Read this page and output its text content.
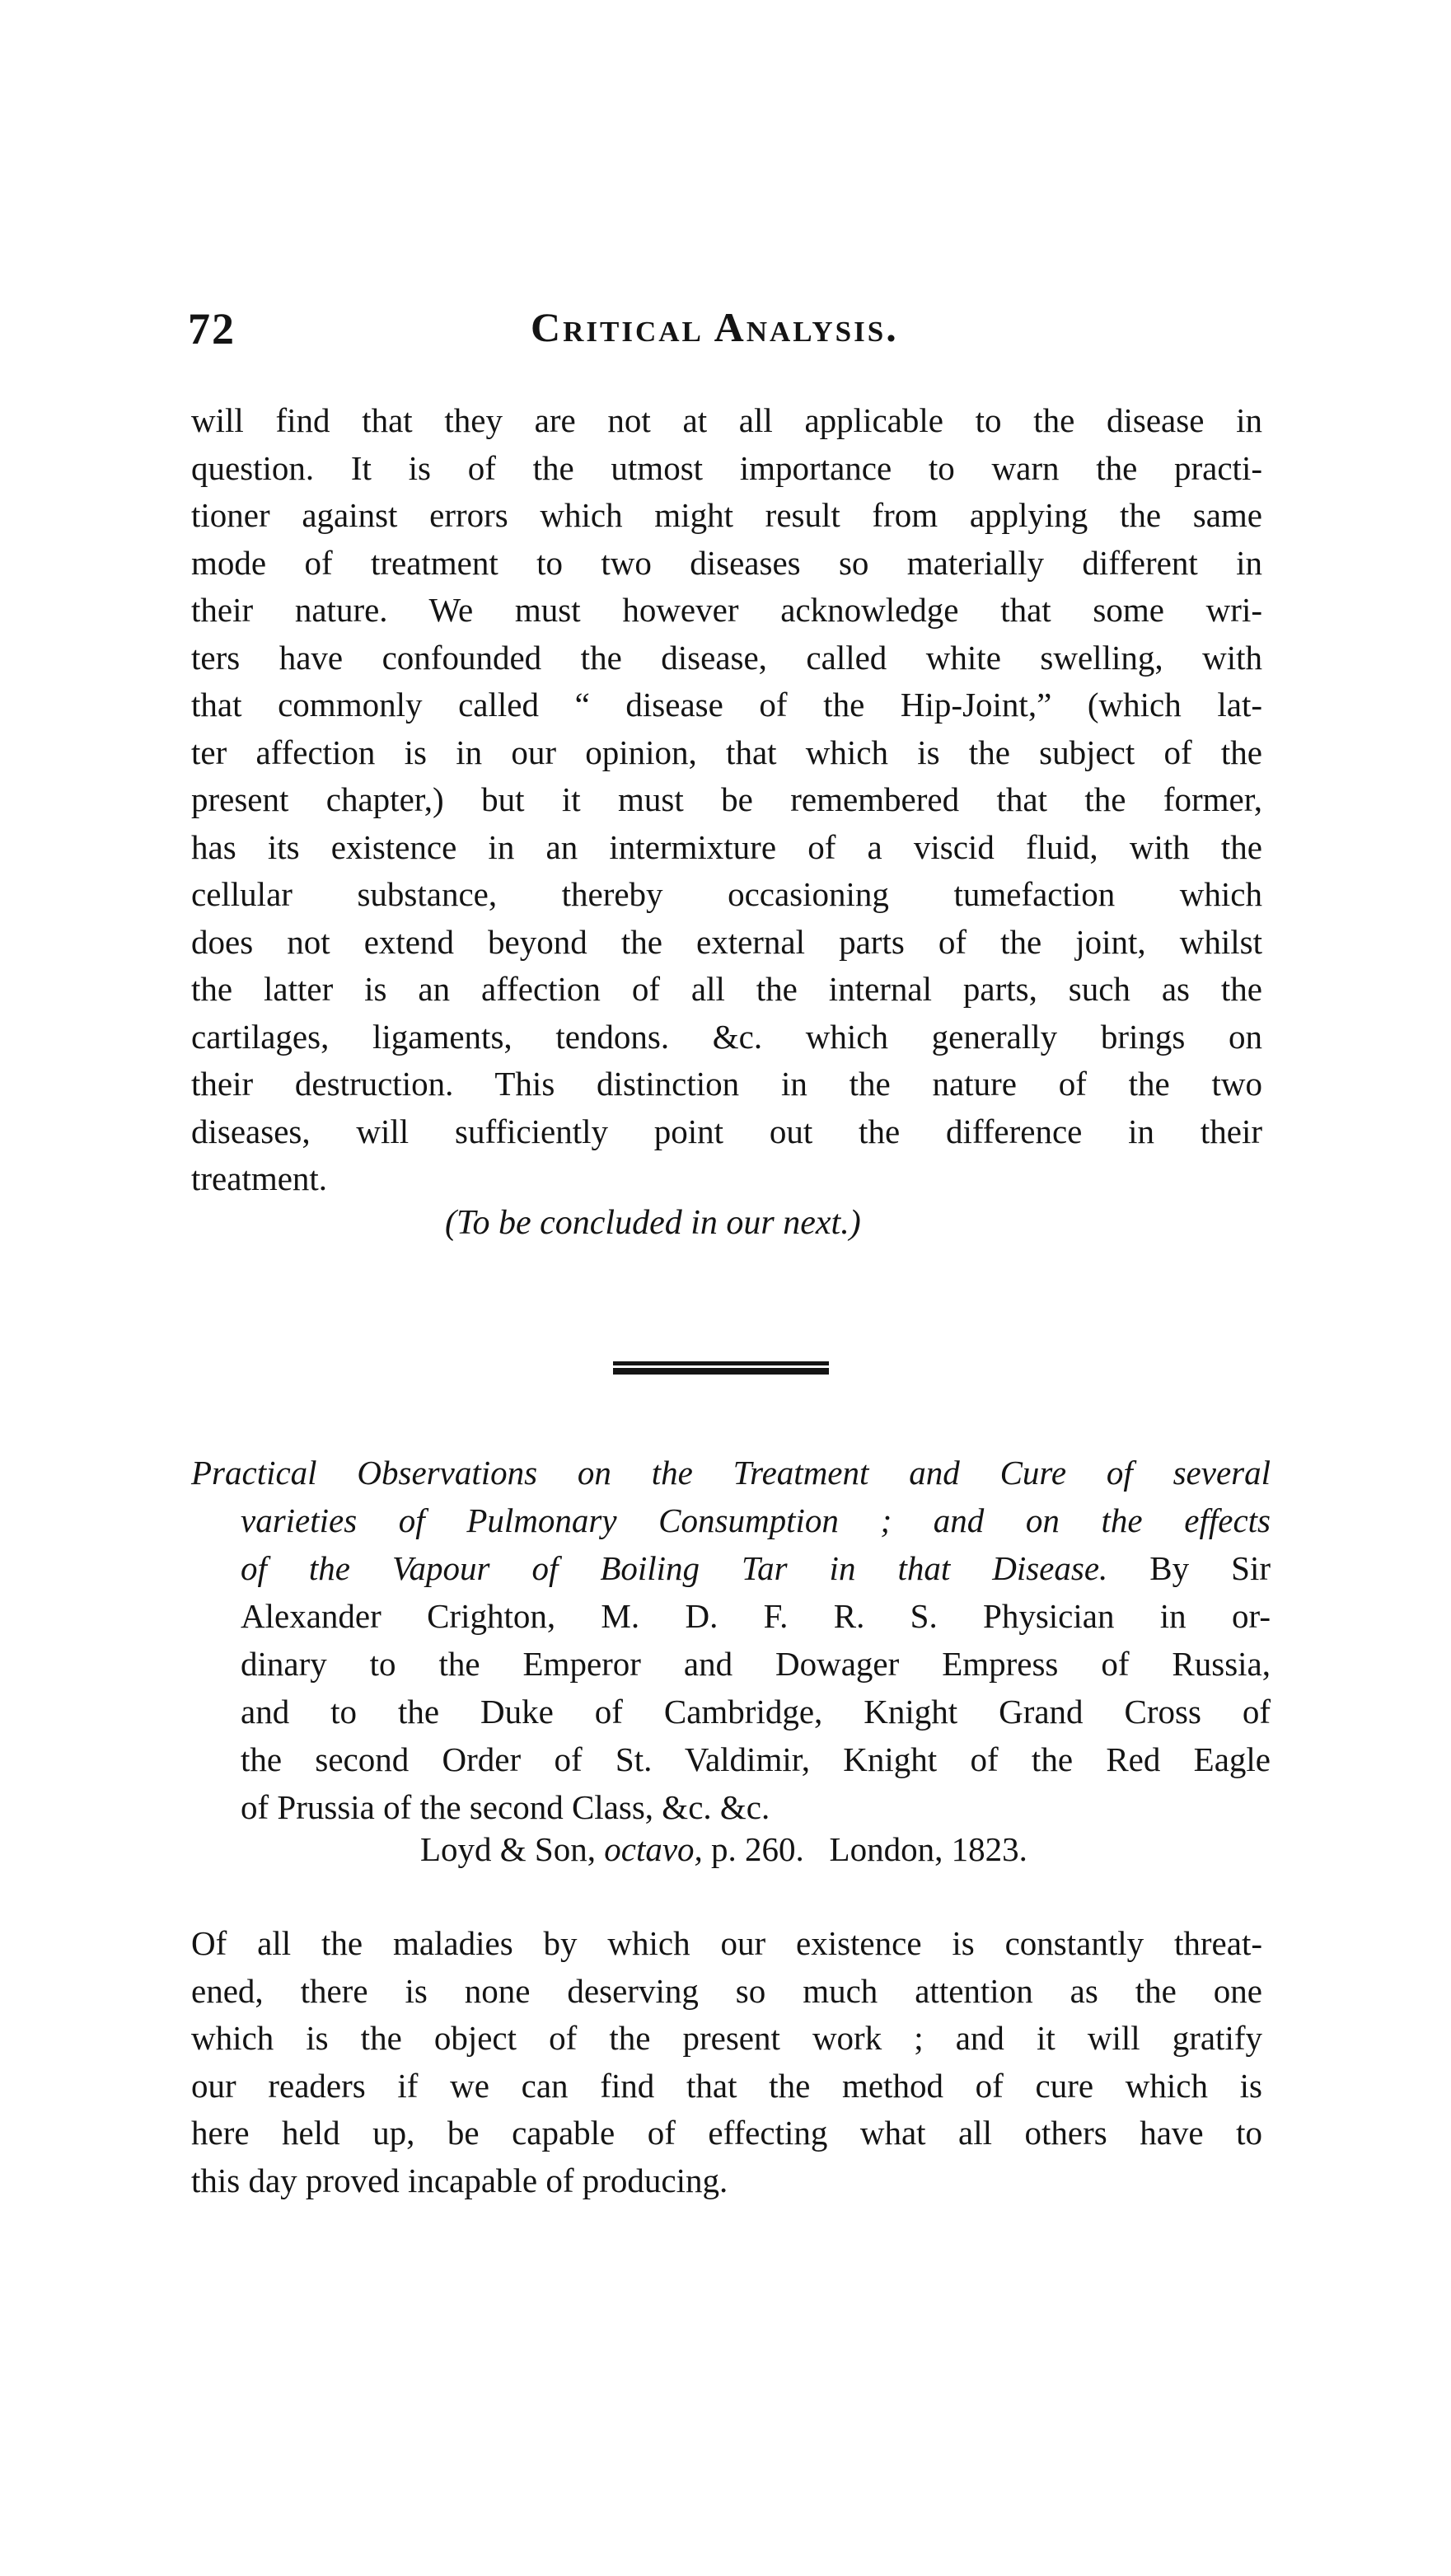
72	Critical Analysis.
will find that they are not at all applicable to the disease in
question. It is of the utmost importance to warn the practi-
tioner against errors which might result from applying the same
mode of treatment to two diseases so materially different in
their nature. We must however acknowledge that some wri-
ters have confounded the disease, called white swelling, with
that commonly called “ disease of the Hip-Joint,” (which lat-
ter affection is in our opinion, that which is the subject of the
present chapter,) but it must be remembered that the former,
has its existence in an intermixture of a viscid fluid, with the
cellular substance, thereby occasioning tumefaction which
does not extend beyond the external parts of the joint, whilst
the latter is an affection of all the internal parts, such as the
cartilages, ligaments, tendons. &c. which generally brings on
their destruction. This distinction in the nature of the two
diseases, will sufficiently point out the difference in their
treatment.
(To be concluded in our next.)
Practical Observations on the Treatment and Cure of several
varieties of Pulmonary Consumption ; and on the effects
of the Vapour of Boiling Tar in that Disease. By Sir
Alexander Crighton, M. D. F. R. S. Physician in or-
dinary to the Emperor and Dowager Empress of Russia,
and to the Duke of Cambridge, Knight Grand Cross of
the second Order of St. Valdimir, Knight of the Red Eagle
of Prussia of the second Class, &c. &c.
Loyd & Son, octavo, p. 260. London, 1823.
Of all the maladies by which our existence is constantly threat-
ened, there is none deserving so much attention as the one
which is the object of the present work ; and it will gratify
our readers if we can find that the method of cure which is
here held up, be capable of effecting what all others have to
this day proved incapable of producing.
